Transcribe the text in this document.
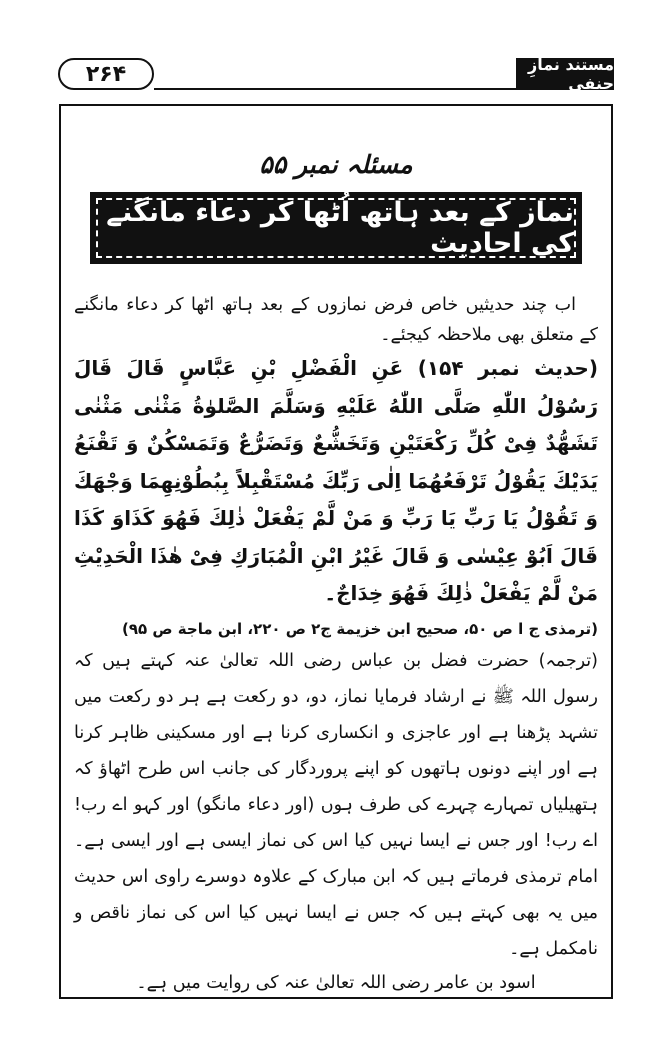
۲۶۴	مستند نمازِ حنفی
مسئلہ نمبر ۵۵
نماز کے بعد ہاتھ اُٹھا کر دعاء مانگنے کی احادیث

اب چند حدیثیں خاص فرض نمازوں کے بعد ہاتھ اٹھا کر دعاء مانگنے کے متعلق بھی ملاحظہ کیجئے۔

(حدیث نمبر ۱۵۴) عَنِ الْفَضْلِ بْنِ عَبَّاسٍ قَالَ قَالَ رَسُوْلُ اللّٰهِ صَلَّى اللّٰهُ عَلَيْهِ وَسَلَّمَ الصَّلوٰةُ مَثْنٰى مَثْنٰى تَشَهُّدٌ فِىْ كُلِّ رَكْعَتَيْنِ وَتَخَشُّعٌ وَتَضَرُّعٌ وَتَمَسْكُنٌ وَ تَقْنَعُ يَدَيْكَ يَقُوْلُ تَرْفَعُهُمَا اِلٰى رَبِّكَ مُسْتَقْبِلاً بِبُطُوْنِهِمَا وَجْهَكَ وَ تَقُوْلُ يَا رَبِّ يَا رَبِّ وَ مَنْ لَّمْ يَفْعَلْ ذٰلِكَ فَهُوَ كَذَاوَ كَذَا قَالَ اَبُوْ عِيْسٰى وَ قَالَ غَيْرُ ابْنِ الْمُبَارَكِ فِىْ هٰذَا الْحَدِيْثِ مَنْ لَّمْ يَفْعَلْ ذٰلِكَ فَهُوَ خِدَاجٌ۔

(ترمذی ج ا ص ۵۰، صحیح ابن خزیمة ج۲ ص ۲۲۰، ابن ماجة ص ۹۵)

(ترجمہ) حضرت فضل بن عباس رضی اللہ تعالیٰ عنہ کہتے ہیں کہ رسول اللہ ﷺ نے ارشاد فرمایا نماز، دو، دو رکعت ہے ہر دو رکعت میں تشہد پڑھنا ہے اور عاجزی و انکساری کرنا ہے اور مسکینی ظاہر کرنا ہے اور اپنے دونوں ہاتھوں کو اپنے پروردگار کی جانب اس طرح اٹھاؤ کہ ہتھیلیاں تمہارے چہرے کی طرف ہوں (اور دعاء مانگو) اور کہو اے رب! اے رب! اور جس نے ایسا نہیں کیا اس کی نماز ایسی ہے اور ایسی ہے۔ امام ترمذی فرماتے ہیں کہ ابن مبارک کے علاوہ دوسرے راوی اس حدیث میں یہ بھی کہتے ہیں کہ جس نے ایسا نہیں کیا اس کی نماز ناقص و نامکمل ہے۔

اسود بن عامر رضی اللہ تعالیٰ عنہ کی روایت میں ہے۔
